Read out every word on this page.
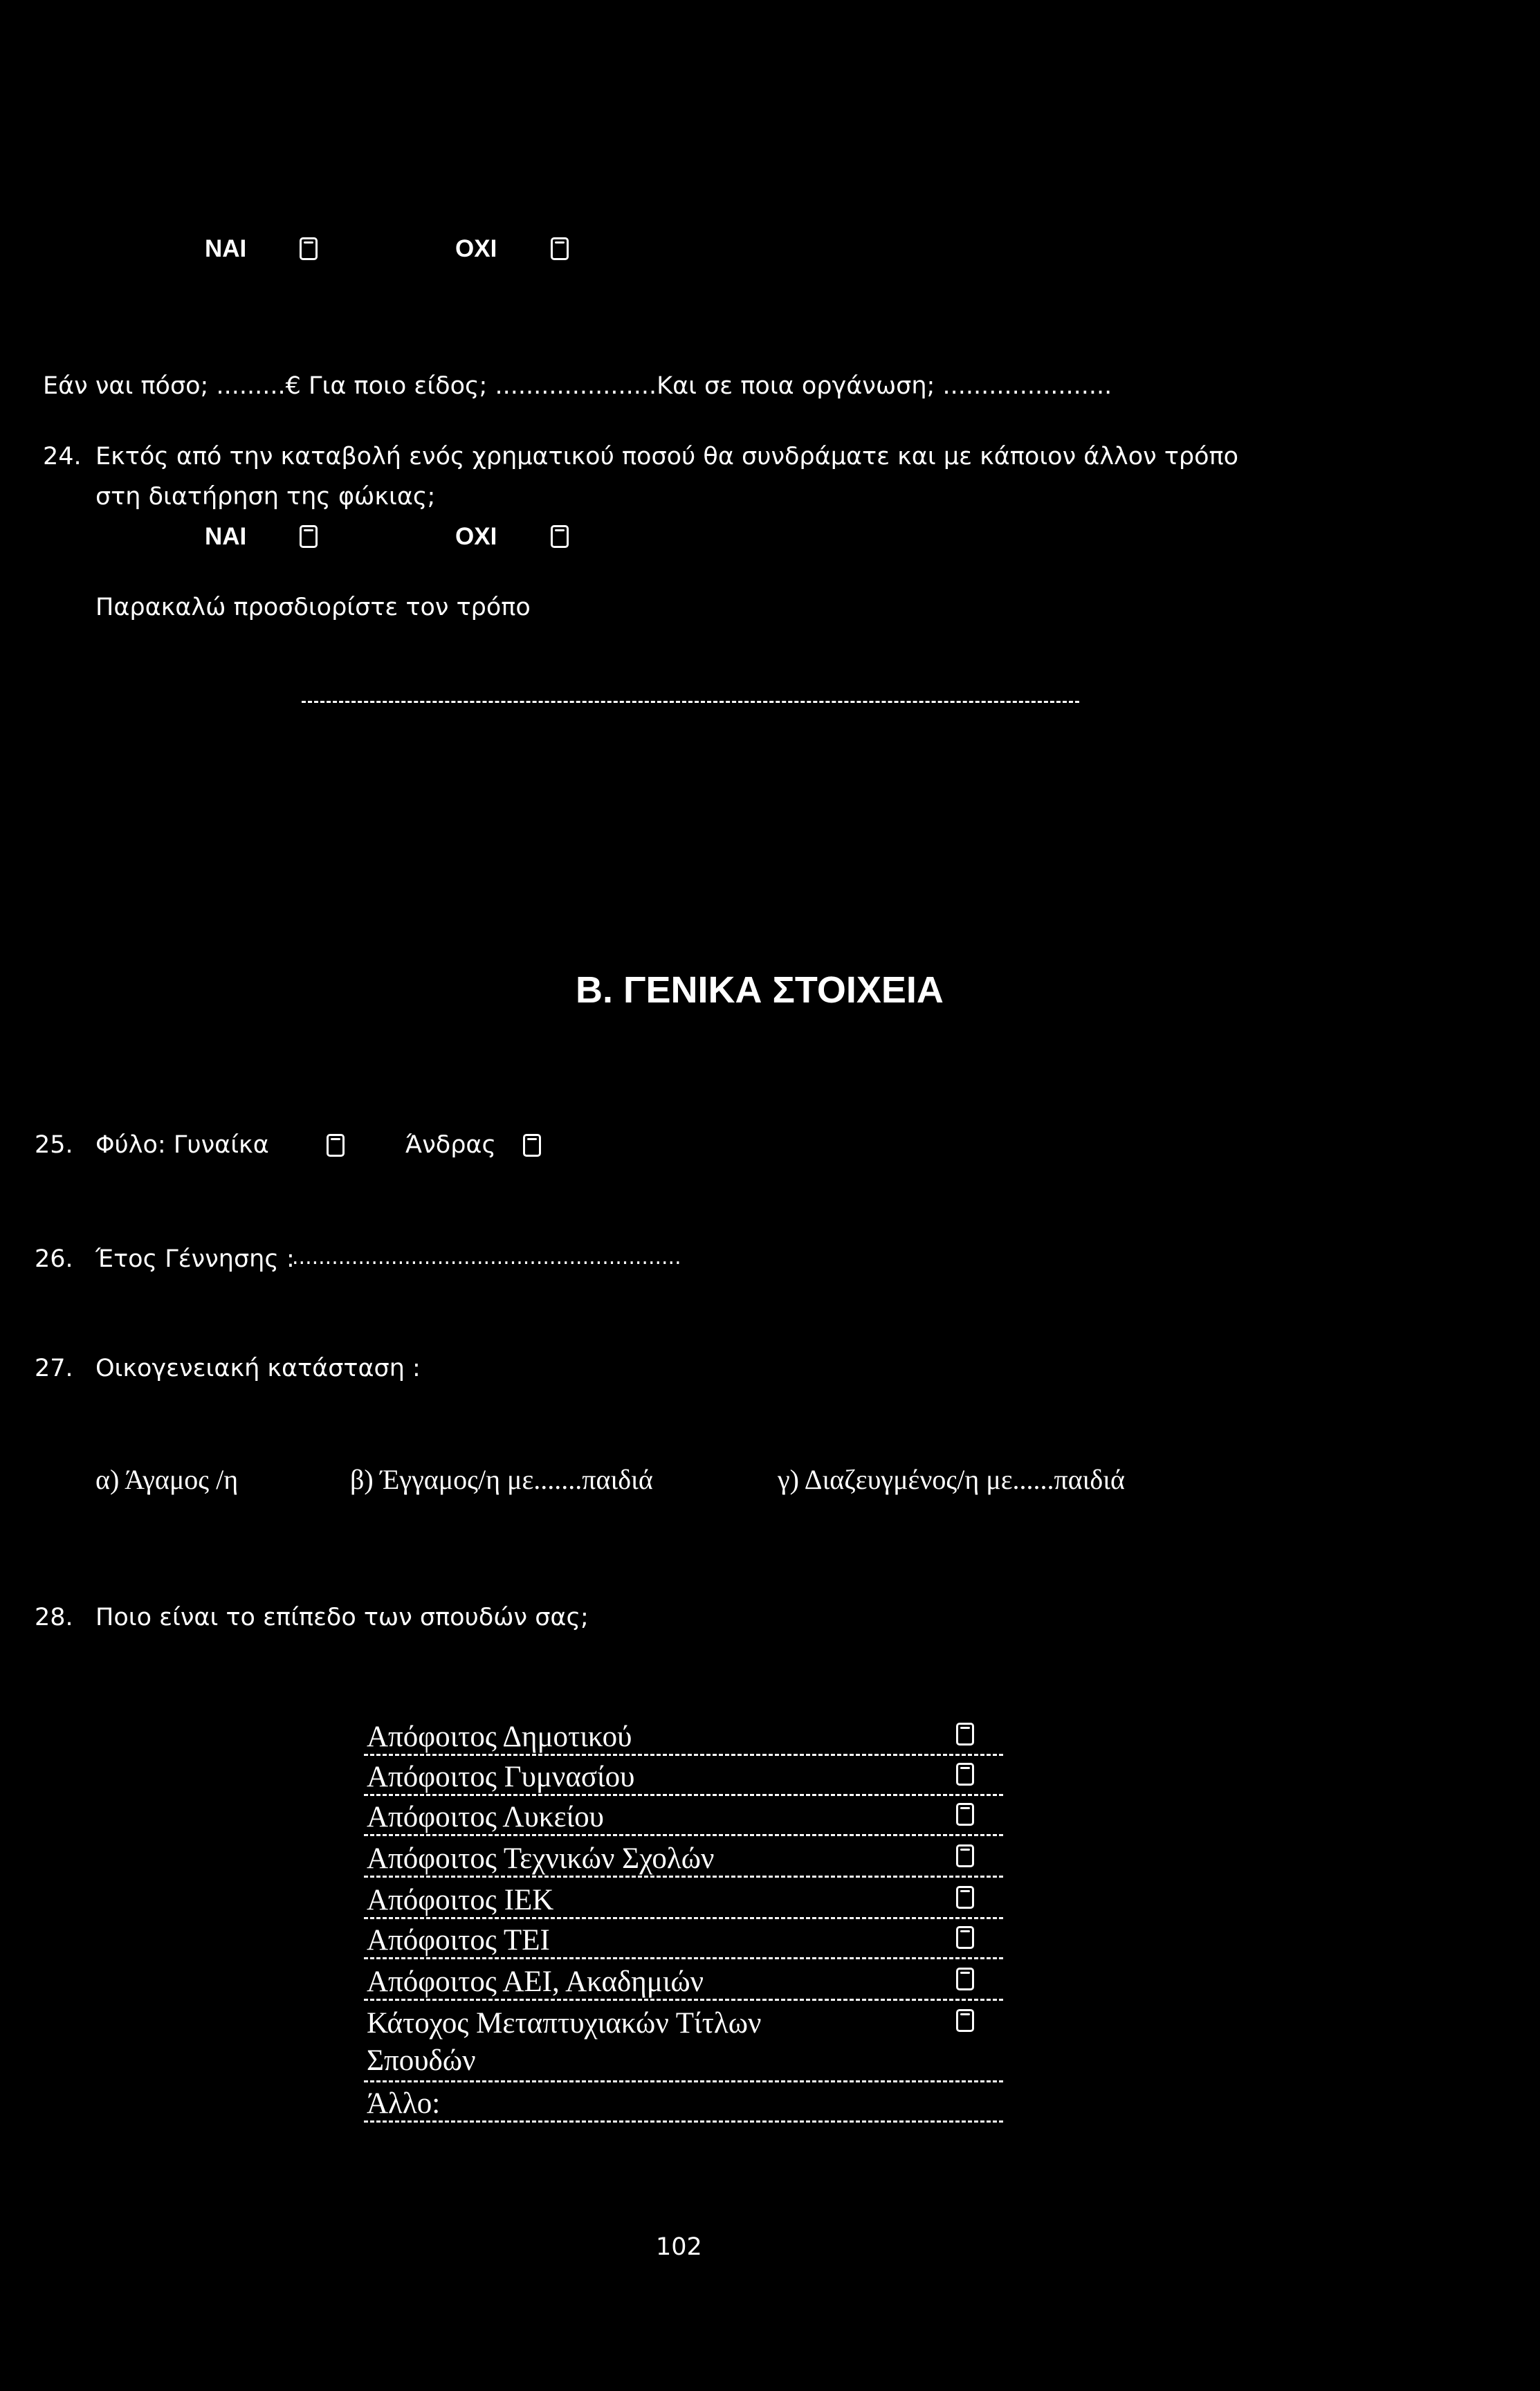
ΝΑΙ	ΟΧΙ
Εάν ναι πόσο; .........€ Για ποιο είδος; .....................Και σε ποια οργάνωση; ......................
24. Εκτός από την καταβολή ενός χρηματικού ποσού θα συνδράματε και με κάποιον άλλον τρόπο
στη διατήρηση της φώκιας;
ΝΑΙ	ΟΧΙ
Παρακαλώ προσδιορίστε τον τρόπο
Β. ΓΕΝΙΚΑ ΣΤΟΙΧΕΙΑ
25. Φύλο: Γυναίκα	Άνδρας
26. Έτος Γέννησης :
...........................................................
27. Οικογενειακή κατάσταση :
α) Άγαμος /η	β) Έγγαμος/η με.......παιδιά	γ) Διαζευγμένος/η με......παιδιά
28. Ποιο είναι το επίπεδο των σπουδών σας;
Απόφοιτος Δημοτικού
Απόφοιτος Γυμνασίου
Απόφοιτος Λυκείου
Απόφοιτος Τεχνικών Σχολών
Απόφοιτος ΙΕΚ
Απόφοιτος ΤΕΙ
Απόφοιτος ΑΕΙ, Ακαδημιών
Κάτοχος Μεταπτυχιακών Τίτλων
Σπουδών
Άλλο:
102
